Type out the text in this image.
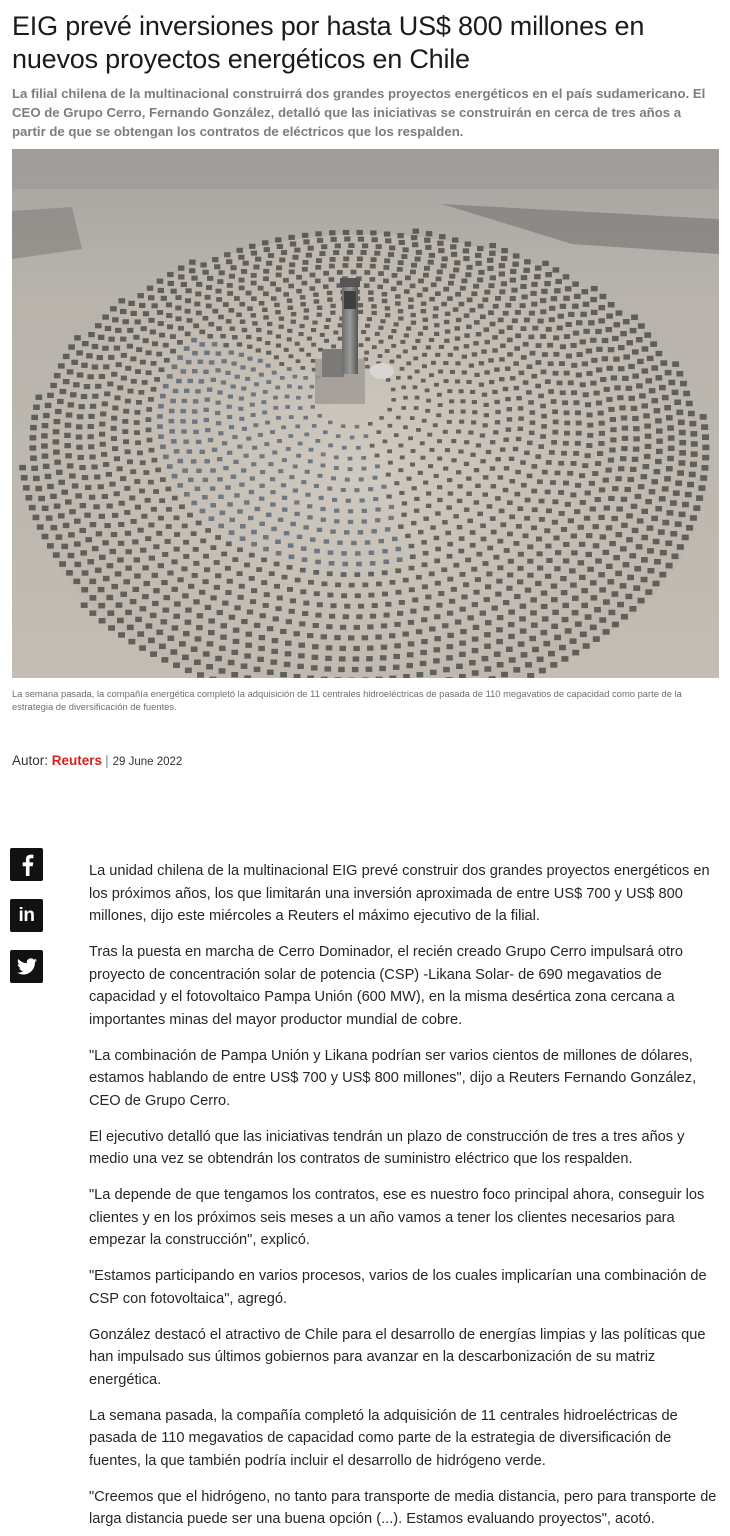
EIG prevé inversiones por hasta US$ 800 millones en nuevos proyectos energéticos en Chile

La filial chilena de la multinacional construirrá dos grandes proyectos energéticos en el país sudamericano. El CEO de Grupo Cerro, Fernando González, detalló que las iniciativas se construirán en cerca de tres años a partir de que se obtengan los contratos de eléctricos que los respalden.

La semana pasada, la compañía energética completó la adquisición de 11 centrales hidroeléctricas de pasada de 110 megavatios de capacidad como parte de la estrategia de diversificación de fuentes.

Autor: Reuters | 29 June 2022
in

La unidad chilena de la multinacional EIG prevé construir dos grandes proyectos energéticos en los próximos años, los que limitarán una inversión aproximada de entre US$ 700 y US$ 800 millones, dijo este miércoles a Reuters el máximo ejecutivo de la filial.

Tras la puesta en marcha de Cerro Dominador, el recién creado Grupo Cerro impulsará otro proyecto de concentración solar de potencia (CSP) -Likana Solar- de 690 megavatios de capacidad y el fotovoltaico Pampa Unión (600 MW), en la misma desértica zona cercana a importantes minas del mayor productor mundial de cobre.

"La combinación de Pampa Unión y Likana podrían ser varios cientos de millones de dólares, estamos hablando de entre US$ 700 y US$ 800 millones", dijo a Reuters Fernando González, CEO de Grupo Cerro.

El ejecutivo detalló que las iniciativas tendrán un plazo de construcción de tres a tres años y medio una vez se obtendrán los contratos de suministro eléctrico que los respalden.

"La depende de que tengamos los contratos, ese es nuestro foco principal ahora, conseguir los clientes y en los próximos seis meses a un año vamos a tener los clientes necesarios para empezar la construcción", explicó.

"Estamos participando en varios procesos, varios de los cuales implicarían una combinación de CSP con fotovoltaica", agregó.

González destacó el atractivo de Chile para el desarrollo de energías limpias y las políticas que han impulsado sus últimos gobiernos para avanzar en la descarbonización de su matriz energética.

La semana pasada, la compañía completó la adquisición de 11 centrales hidroeléctricas de pasada de 110 megavatios de capacidad como parte de la estrategia de diversificación de fuentes, la que también podría incluir el desarrollo de hidrógeno verde.

"Creemos que el hidrógeno, no tanto para transporte de media distancia, pero para transporte de larga distancia puede ser una buena opción (...). Estamos evaluando proyectos", acotó.
